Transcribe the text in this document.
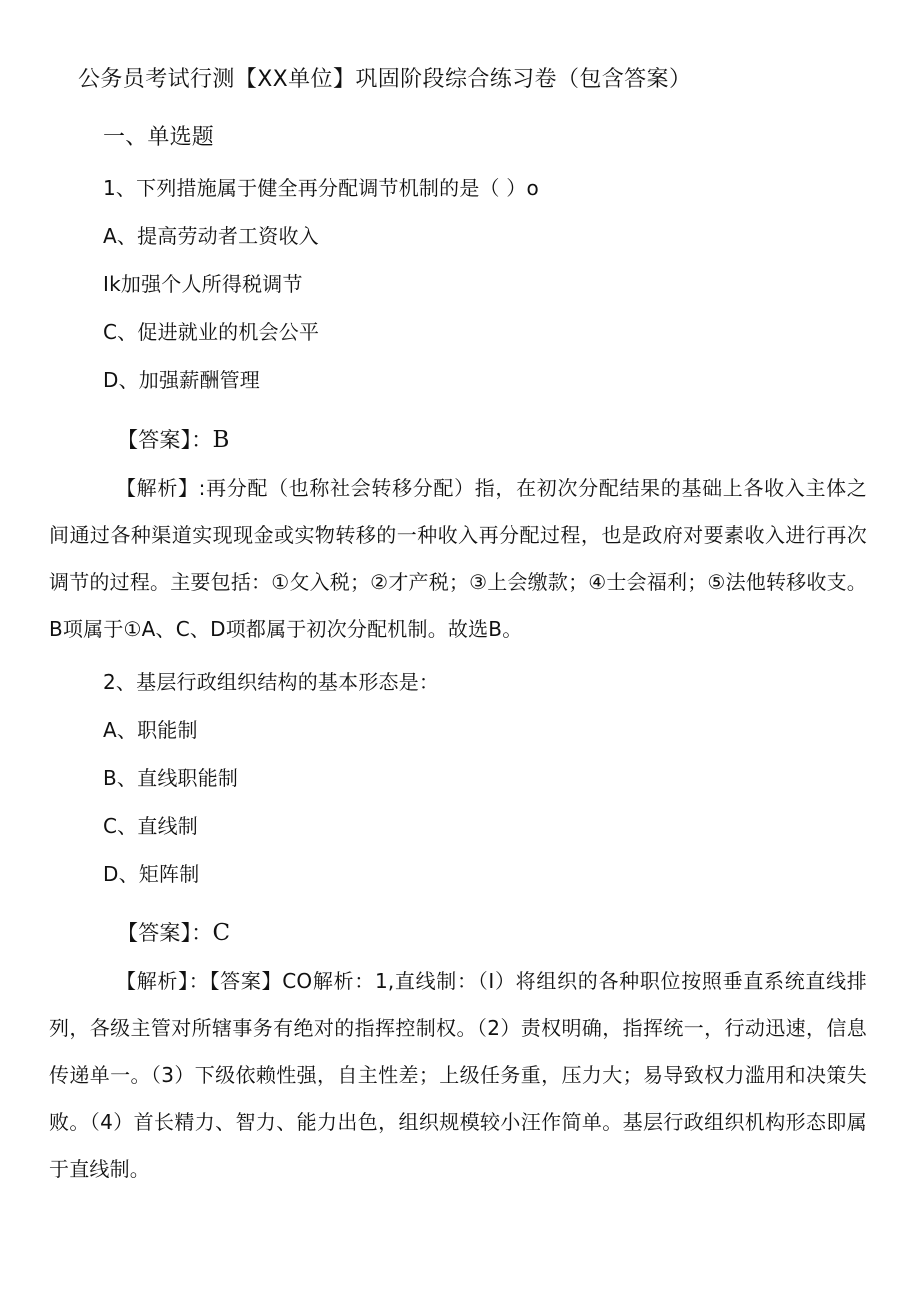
公务员考试行测【XX单位】巩固阶段综合练习卷（包含答案）
一、单选题
1、下列措施属于健全再分配调节机制的是（ ）o
A、提高劳动者工资收入
Ik加强个人所得税调节
C、促进就业的机会公平
D、加强薪酬管理
【答案】：B
【解析】:再分配（也称社会转移分配）指，在初次分配结果的基础上各收入主体之间通过各种渠道实现现金或实物转移的一种收入再分配过程，也是政府对要素收入进行再次调节的过程。主要包括：①攵入税；②才产税；③上会缴款；④士会福利；⑤法他转移收支。B项属于①A、C、D项都属于初次分配机制。故选B。
2、基层行政组织结构的基本形态是：
A、职能制
B、直线职能制
C、直线制
D、矩阵制
【答案】：C
【解析】：【答案】CO解析：1,直线制：（I）将组织的各种职位按照垂直系统直线排列，各级主管对所辖事务有绝对的指挥控制权。（2）责权明确，指挥统一，行动迅速，信息传递单一。（3）下级依赖性强，自主性差；上级任务重，压力大；易导致权力滥用和决策失败。（4）首长精力、智力、能力出色，组织规模较小汪作简单。基层行政组织机构形态即属于直线制。
